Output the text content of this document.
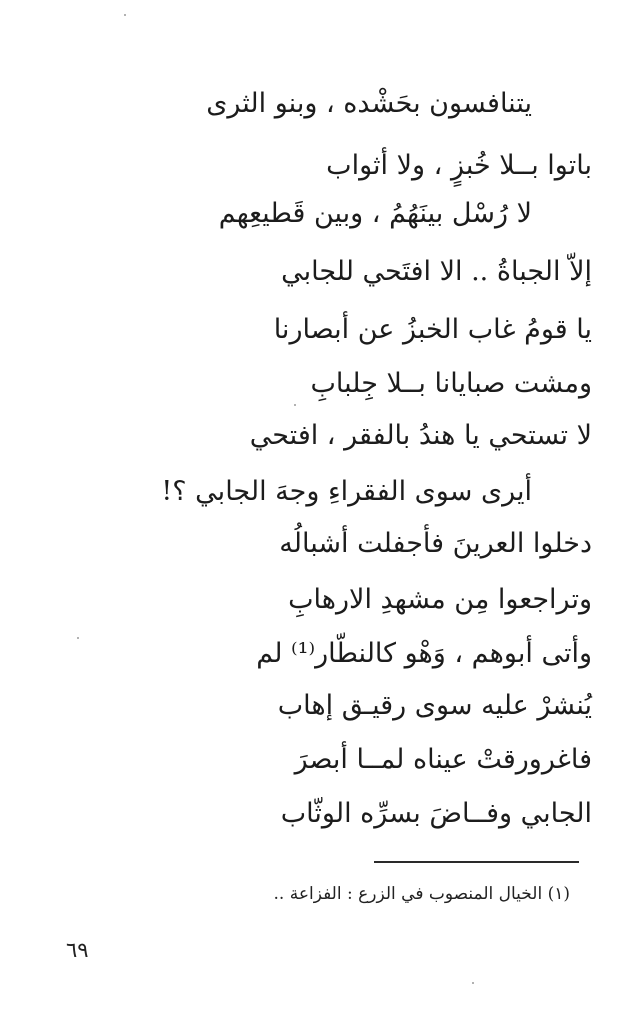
يتنافسون بحَشْده ، وبنو الثرى
باتوا بــلا خُبزٍ ، ولا أثواب
لا رُسْل بينَهُمُ ، وبين قَطيعِهم
إلاّ الجباةُ .. الا افتَحي للجابي
يا قومُ غاب الخبزُ عن أبصارنا
ومشت صبايانا بــلا جِلبابِ
لا تستحي يا هندُ بالفقر ، افتحي
أيرى سوى الفقراءِ وجهَ الجابي ؟!
دخلوا العرينَ فأجفلت أشبالُه
وتراجعوا مِن مشهدِ الارهابِ
وأتى أبوهم ، وَهْو كالنطّار⁽¹⁾ لم
يُنشرْ عليه سوى رقيـق إهاب
فاغرورقتْ عيناه لمــا أبصرَ
الجابي وفــاضَ بسرِّه الوثّاب
(١) الخيال المنصوب في الزرع : الفزاعة ..
٦٩
